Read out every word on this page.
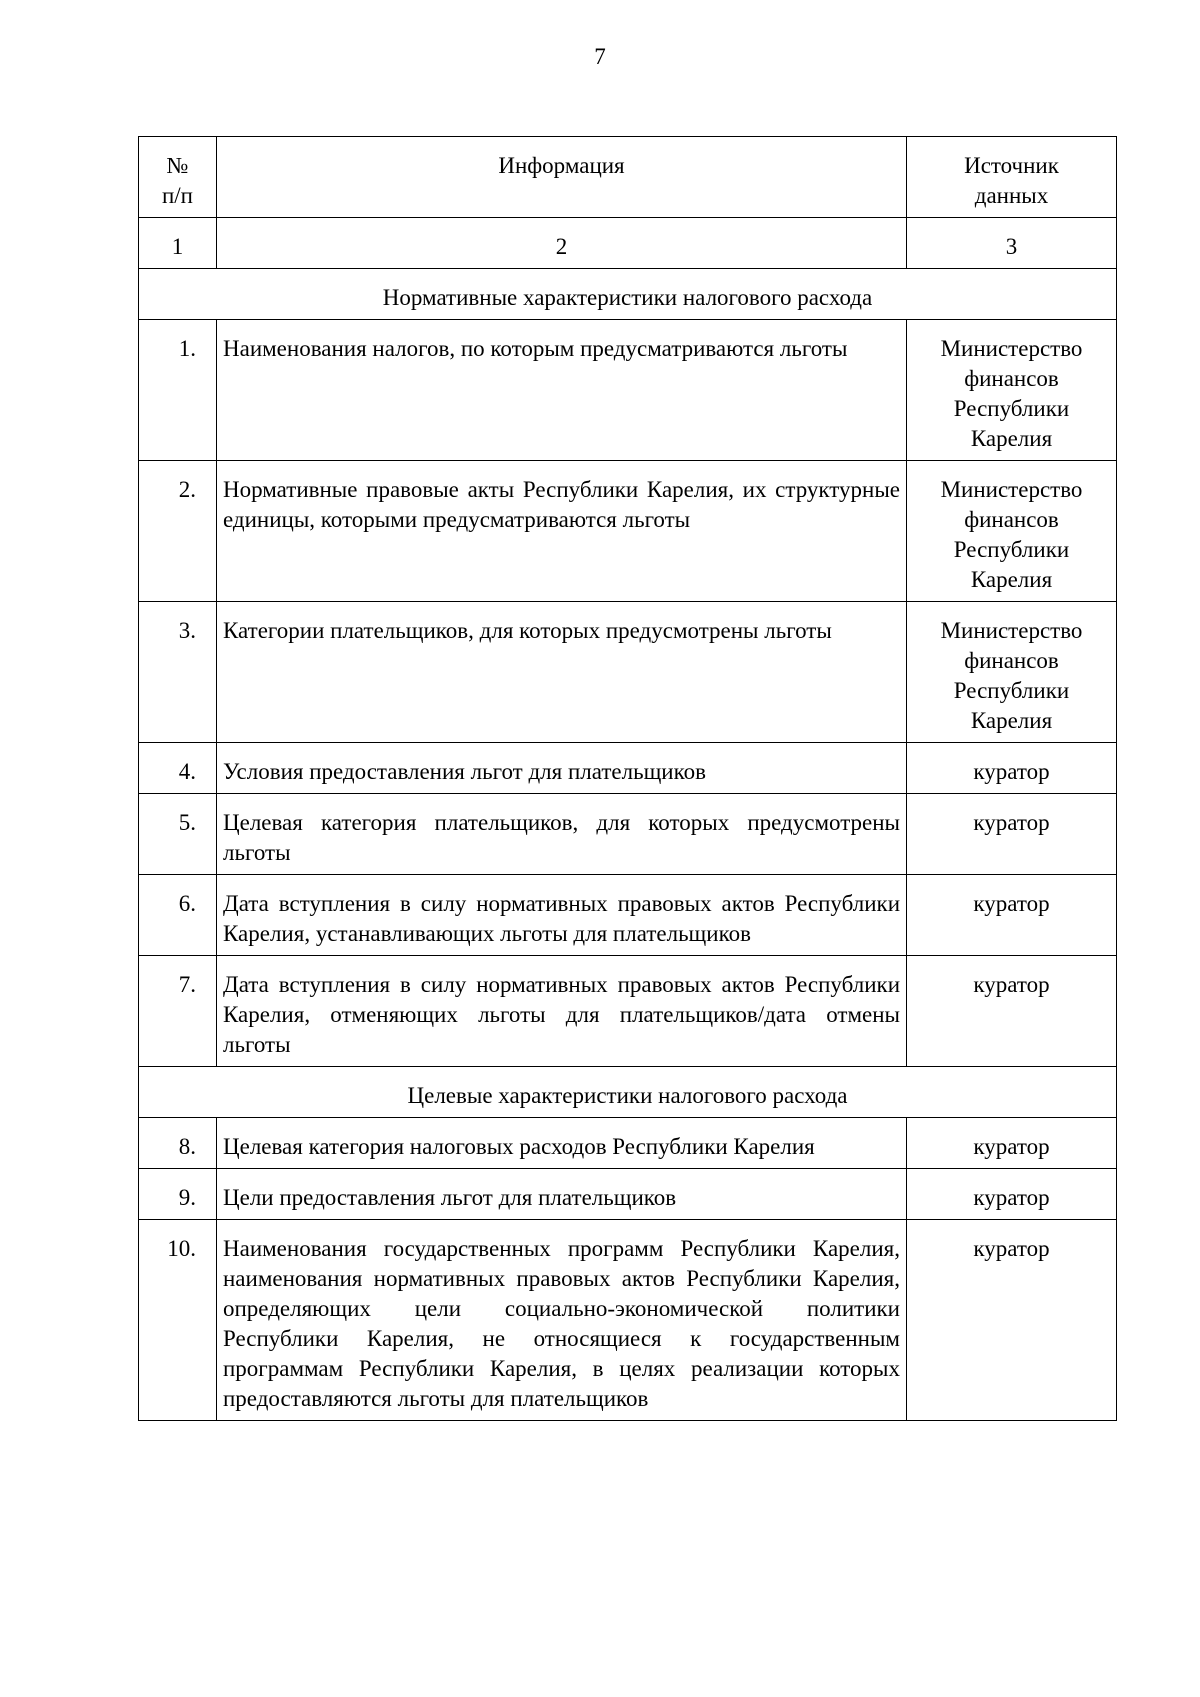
7
№
п/п	Информация	Источник
данных

1	2	3
Нормативные характеристики налогового расхода		
1.	Наименования налогов, по которым предусматриваются льготы	Министерство
финансов
Республики
Карелия

2.	Нормативные правовые акты Республики Карелия, их структурные единицы, которыми предусматриваются льготы	Министерство
финансов
Республики
Карелия

3.	Категории плательщиков, для которых предусмотрены льготы	Министерство
финансов
Республики
Карелия

4.	Условия предоставления льгот для плательщиков	куратор

5.	Целевая категория плательщиков, для которых предусмотрены льготы	куратор

6.	Дата вступления в силу нормативных правовых актов Республики Карелия, устанавливающих льготы для плательщиков	куратор

7.	Дата вступления в силу нормативных правовых актов Республики Карелия, отменяющих льготы для плательщиков/дата отмены льготы	куратор

Целевые характеристики налогового расхода		
8.	Целевая категория налоговых расходов Республики Карелия	куратор

9.	Цели предоставления льгот для плательщиков	куратор

10.	Наименования государственных программ Республики Карелия, наименования нормативных правовых актов Республики Карелия, определяющих цели социально-экономической политики Республики Карелия, не относящиеся к государственным программам Республики Карелия, в целях реализации которых предоставляются льготы для плательщиков	куратор
